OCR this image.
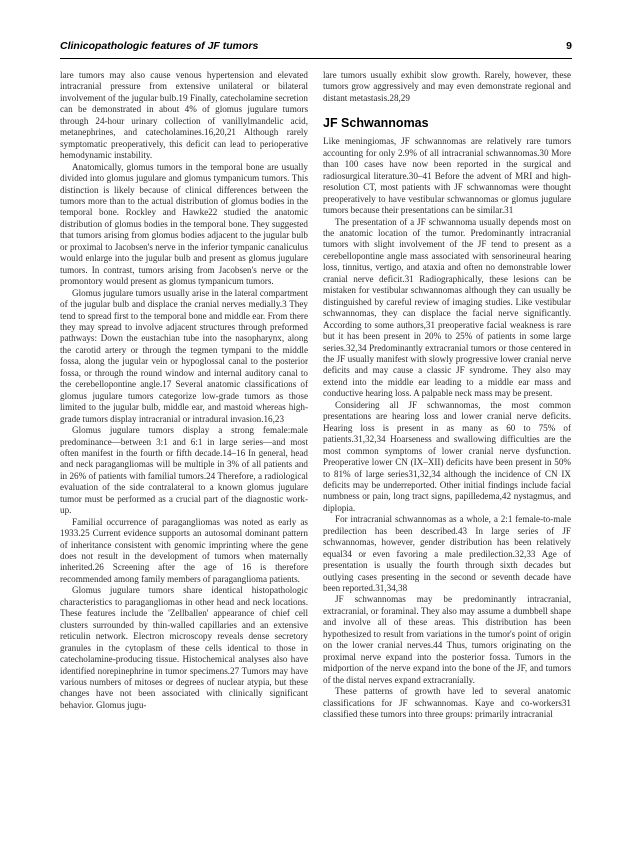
Clinicopathologic features of JF tumors	9

lare tumors may also cause venous hypertension and elevated intracranial pressure from extensive unilateral or bilateral involvement of the jugular bulb.19 Finally, catecholamine secretion can be demonstrated in about 4% of glomus jugulare tumors through 24-hour urinary collection of vanillylmandelic acid, metanephrines, and catecholamines.16,20,21 Although rarely symptomatic preoperatively, this deficit can lead to perioperative hemodynamic instability.

Anatomically, glomus tumors in the temporal bone are usually divided into glomus jugulare and glomus tympanicum tumors. This distinction is likely because of clinical differences between the tumors more than to the actual distribution of glomus bodies in the temporal bone. Rockley and Hawke22 studied the anatomic distribution of glomus bodies in the temporal bone. They suggested that tumors arising from glomus bodies adjacent to the jugular bulb or proximal to Jacobsen's nerve in the inferior tympanic canaliculus would enlarge into the jugular bulb and present as glomus jugulare tumors. In contrast, tumors arising from Jacobsen's nerve or the promontory would present as glomus tympanicum tumors.

Glomus jugulare tumors usually arise in the lateral compartment of the jugular bulb and displace the cranial nerves medially.3 They tend to spread first to the temporal bone and middle ear. From there they may spread to involve adjacent structures through preformed pathways: Down the eustachian tube into the nasopharynx, along the carotid artery or through the tegmen tympani to the middle fossa, along the jugular vein or hypoglossal canal to the posterior fossa, or through the round window and internal auditory canal to the cerebellopontine angle.17 Several anatomic classifications of glomus jugulare tumors categorize low-grade tumors as those limited to the jugular bulb, middle ear, and mastoid whereas high-grade tumors display intracranial or intradural invasion.16,23

Glomus jugulare tumors display a strong female:male predominance—between 3:1 and 6:1 in large series—and most often manifest in the fourth or fifth decade.14–16 In general, head and neck paragangliomas will be multiple in 3% of all patients and in 26% of patients with familial tumors.24 Therefore, a radiological evaluation of the side contralateral to a known glomus jugulare tumor must be performed as a crucial part of the diagnostic work-up.

Familial occurrence of paragangliomas was noted as early as 1933.25 Current evidence supports an autosomal dominant pattern of inheritance consistent with genomic imprinting where the gene does not result in the development of tumors when maternally inherited.26 Screening after the age of 16 is therefore recommended among family members of paraganglioma patients.

Glomus jugulare tumors share identical histopathologic characteristics to paragangliomas in other head and neck locations. These features include the 'Zellballen' appearance of chief cell clusters surrounded by thin-walled capillaries and an extensive reticulin network. Electron microscopy reveals dense secretory granules in the cytoplasm of these cells identical to those in catecholamine-producing tissue. Histochemical analyses also have identified norepinephrine in tumor specimens.27 Tumors may have various numbers of mitoses or degrees of nuclear atypia, but these changes have not been associated with clinically significant behavior. Glomus jugu-

lare tumors usually exhibit slow growth. Rarely, however, these tumors grow aggressively and may even demonstrate regional and distant metastasis.28,29

JF Schwannomas

Like meningiomas, JF schwannomas are relatively rare tumors accounting for only 2.9% of all intracranial schwannomas.30 More than 100 cases have now been reported in the surgical and radiosurgical literature.30–41 Before the advent of MRI and high-resolution CT, most patients with JF schwannomas were thought preoperatively to have vestibular schwannomas or glomus jugulare tumors because their presentations can be similar.31

The presentation of a JF schwannoma usually depends most on the anatomic location of the tumor. Predominantly intracranial tumors with slight involvement of the JF tend to present as a cerebellopontine angle mass associated with sensorineural hearing loss, tinnitus, vertigo, and ataxia and often no demonstrable lower cranial nerve deficit.31 Radiographically, these lesions can be mistaken for vestibular schwannomas although they can usually be distinguished by careful review of imaging studies. Like vestibular schwannomas, they can displace the facial nerve significantly. According to some authors,31 preoperative facial weakness is rare but it has been present in 20% to 25% of patients in some large series.32,34 Predominantly extracranial tumors or those centered in the JF usually manifest with slowly progressive lower cranial nerve deficits and may cause a classic JF syndrome. They also may extend into the middle ear leading to a middle ear mass and conductive hearing loss. A palpable neck mass may be present.

Considering all JF schwannomas, the most common presentations are hearing loss and lower cranial nerve deficits. Hearing loss is present in as many as 60 to 75% of patients.31,32,34 Hoarseness and swallowing difficulties are the most common symptoms of lower cranial nerve dysfunction. Preoperative lower CN (IX–XII) deficits have been present in 50% to 81% of large series31,32,34 although the incidence of CN IX deficits may be underreported. Other initial findings include facial numbness or pain, long tract signs, papilledema,42 nystagmus, and diplopia.

For intracranial schwannomas as a whole, a 2:1 female-to-male predilection has been described.43 In large series of JF schwannomas, however, gender distribution has been relatively equal34 or even favoring a male predilection.32,33 Age of presentation is usually the fourth through sixth decades but outlying cases presenting in the second or seventh decade have been reported.31,34,38

JF schwannomas may be predominantly intracranial, extracranial, or foraminal. They also may assume a dumbbell shape and involve all of these areas. This distribution has been hypothesized to result from variations in the tumor's point of origin on the lower cranial nerves.44 Thus, tumors originating on the proximal nerve expand into the posterior fossa. Tumors in the midportion of the nerve expand into the bone of the JF, and tumors of the distal nerves expand extracranially.

These patterns of growth have led to several anatomic classifications for JF schwannomas. Kaye and co-workers31 classified these tumors into three groups: primarily intracranial
